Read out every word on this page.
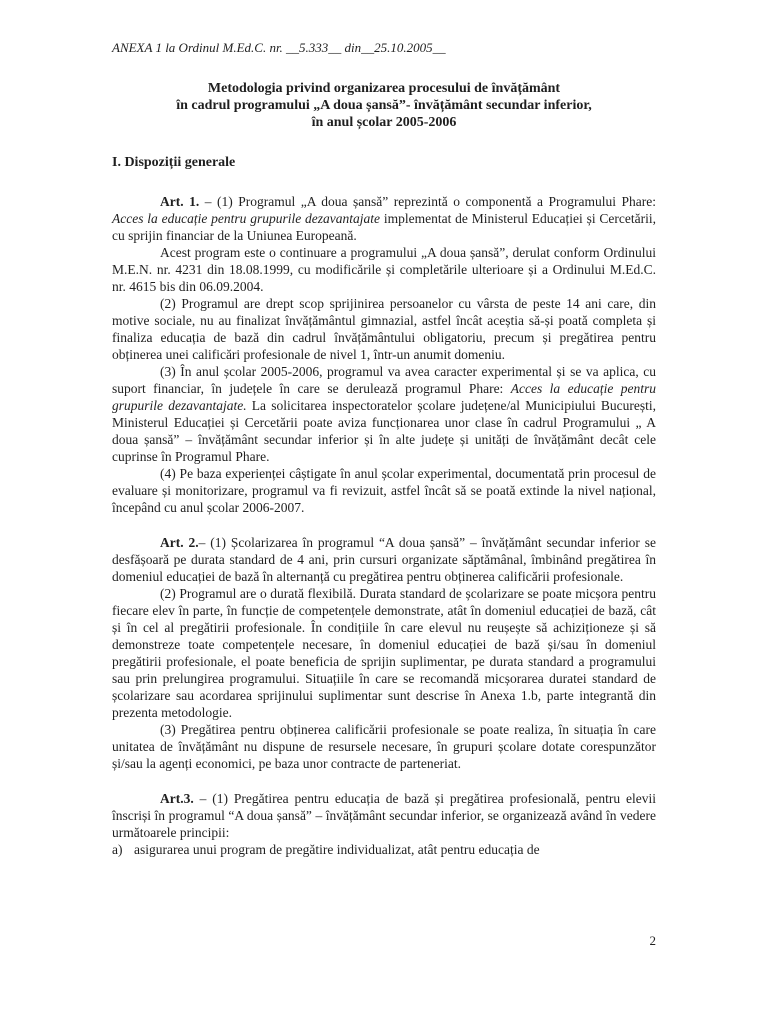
ANEXA 1 la Ordinul M.Ed.C. nr. __5.333__ din__25.10.2005__
Metodologia privind organizarea procesului de învățământ
în cadrul programului „A doua șansă”- învățământ secundar inferior,
în anul școlar 2005-2006
I. Dispoziții generale

Art. 1. – (1) Programul „A doua șansă” reprezintă o componentă a Programului Phare: Acces la educație pentru grupurile dezavantajate implementat de Ministerul Educației și Cercetării, cu sprijin financiar de la Uniunea Europeană.

Acest program este o continuare a programului „A doua șansă”, derulat conform Ordinului M.E.N. nr. 4231 din 18.08.1999, cu modificările și completările ulterioare și a Ordinului M.Ed.C. nr. 4615 bis din 06.09.2004.

(2) Programul are drept scop sprijinirea persoanelor cu vârsta de peste 14 ani care, din motive sociale, nu au finalizat învățământul gimnazial, astfel încât aceștia să-și poată completa și finaliza educația de bază din cadrul învățământului obligatoriu, precum și pregătirea pentru obținerea unei calificări profesionale de nivel 1, într-un anumit domeniu.

(3) În anul școlar 2005-2006, programul va avea caracter experimental și se va aplica, cu suport financiar, în județele în care se derulează programul Phare: Acces la educație pentru grupurile dezavantajate. La solicitarea inspectoratelor școlare județene/al Municipiului București, Ministerul Educației și Cercetării poate aviza funcționarea unor clase în cadrul Programului „ A doua șansă” – învățământ secundar inferior și în alte județe și unități de învățământ decât cele cuprinse în Programul Phare.

(4) Pe baza experienței câștigate în anul școlar experimental, documentată prin procesul de evaluare și monitorizare, programul va fi revizuit, astfel încât să se poată extinde la nivel național, începând cu anul școlar 2006-2007.

Art. 2.– (1) Școlarizarea în programul “A doua șansă” – învățământ secundar inferior se desfășoară pe durata standard de 4 ani, prin cursuri organizate săptămânal, îmbinând pregătirea în domeniul educației de bază în alternanță cu pregătirea pentru obținerea calificării profesionale.

(2) Programul are o durată flexibilă. Durata standard de școlarizare se poate micșora pentru fiecare elev în parte, în funcție de competențele demonstrate, atât în domeniul educației de bază, cât și în cel al pregătirii profesionale. În condițiile în care elevul nu reușește să achiziționeze și să demonstreze toate competențele necesare, în domeniul educației de bază și/sau în domeniul pregătirii profesionale, el poate beneficia de sprijin suplimentar, pe durata standard a programului sau prin prelungirea programului. Situațiile în care se recomandă micșorarea duratei standard de școlarizare sau acordarea sprijinului suplimentar sunt descrise în Anexa 1.b, parte integrantă din prezenta metodologie.

(3) Pregătirea pentru obținerea calificării profesionale se poate realiza, în situația în care unitatea de învățământ nu dispune de resursele necesare, în grupuri școlare dotate corespunzător și/sau la agenți economici, pe baza unor contracte de parteneriat.

Art.3. – (1) Pregătirea pentru educația de bază și pregătirea profesională, pentru elevii înscriși în programul “A doua șansă” – învățământ secundar inferior, se organizează având în vedere următoarele principii:

a) asigurarea unui program de pregătire individualizat, atât pentru educația de

2
